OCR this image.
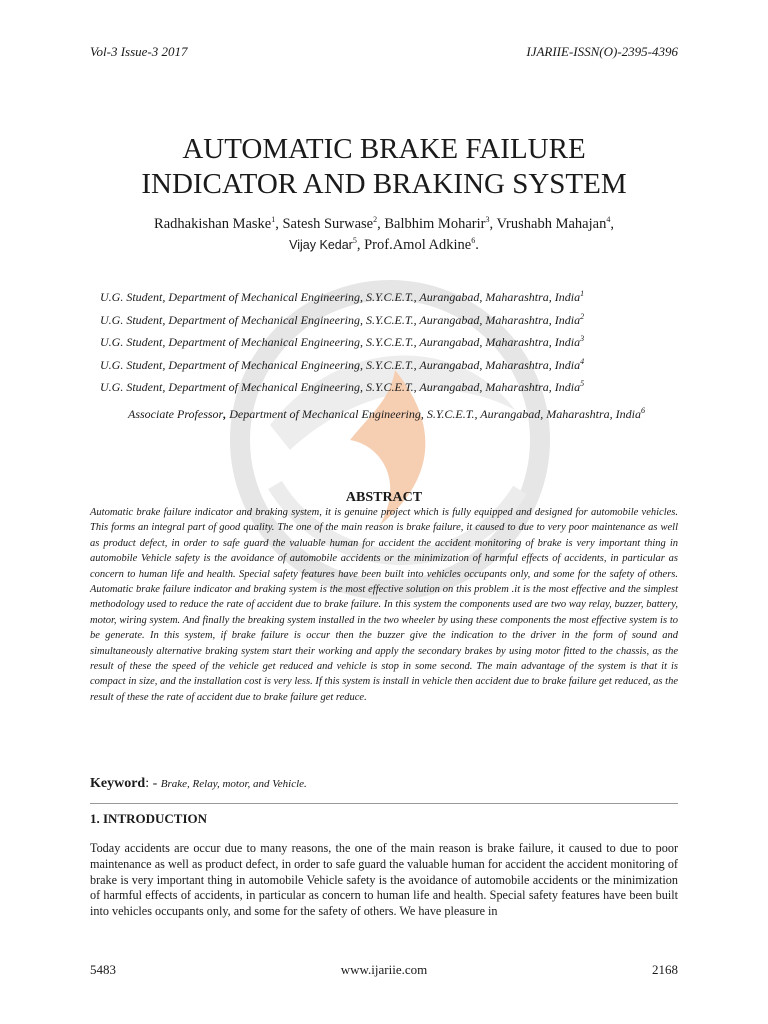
Vol-3 Issue-3 2017	IJARIIE-ISSN(O)-2395-4396
AUTOMATIC BRAKE FAILURE
INDICATOR AND BRAKING SYSTEM
Radhakishan Maske$^1$, Satesh Surwase$^2$, Balbhim Moharir$^3$, Vrushabh Mahajan$^4$,
Vijay Kedar$^5$, Prof.Amol Adkine$^6$.
U.G. Student, Department of Mechanical Engineering, S.Y.C.E.T., Aurangabad, Maharashtra, India$^1$
U.G. Student, Department of Mechanical Engineering, S.Y.C.E.T., Aurangabad, Maharashtra, India$^2$
U.G. Student, Department of Mechanical Engineering, S.Y.C.E.T., Aurangabad, Maharashtra, India$^3$
U.G. Student, Department of Mechanical Engineering, S.Y.C.E.T., Aurangabad, Maharashtra, India$^4$
U.G. Student, Department of Mechanical Engineering, S.Y.C.E.T., Aurangabad, Maharashtra, India$^5$
Associate Professor, Department of Mechanical Engineering, S.Y.C.E.T., Aurangabad, Maharashtra, India$^6$
ABSTRACT
Automatic brake failure indicator and braking system, it is genuine project which is fully equipped and designed for automobile vehicles. This forms an integral part of good quality. The one of the main reason is brake failure, it caused to due to very poor maintenance as well as product defect, in order to safe guard the valuable human for accident the accident monitoring of brake is very important thing in automobile Vehicle safety is the avoidance of automobile accidents or the minimization of harmful effects of accidents, in particular as concern to human life and health. Special safety features have been built into vehicles occupants only, and some for the safety of others. Automatic brake failure indicator and braking system is the most effective solution on this problem .it is the most effective and the simplest methodology used to reduce the rate of accident due to brake failure. In this system the components used are two way relay, buzzer, battery, motor, wiring system. And finally the breaking system installed in the two wheeler by using these components the most effective system is to be generate. In this system, if brake failure is occur then the buzzer give the indication to the driver in the form of sound and simultaneously alternative braking system start their working and apply the secondary brakes by using motor fitted to the chassis, as the result of these the speed of the vehicle get reduced and vehicle is stop in some second. The main advantage of the system is that it is compact in size, and the installation cost is very less. If this system is install in vehicle then accident due to brake failure get reduced, as the result of these the rate of accident due to brake failure get reduce.
Keyword: - Brake, Relay, motor, and Vehicle.
1. INTRODUCTION
Today accidents are occur due to many reasons, the one of the main reason is brake failure, it caused to due to poor maintenance as well as product defect, in order to safe guard the valuable human for accident the accident monitoring of brake is very important thing in automobile Vehicle safety is the avoidance of automobile accidents or the minimization of harmful effects of accidents, in particular as concern to human life and health. Special safety features have been built into vehicles occupants only, and some for the safety of others. We have pleasure in
5483	www.ijariie.com	2168
